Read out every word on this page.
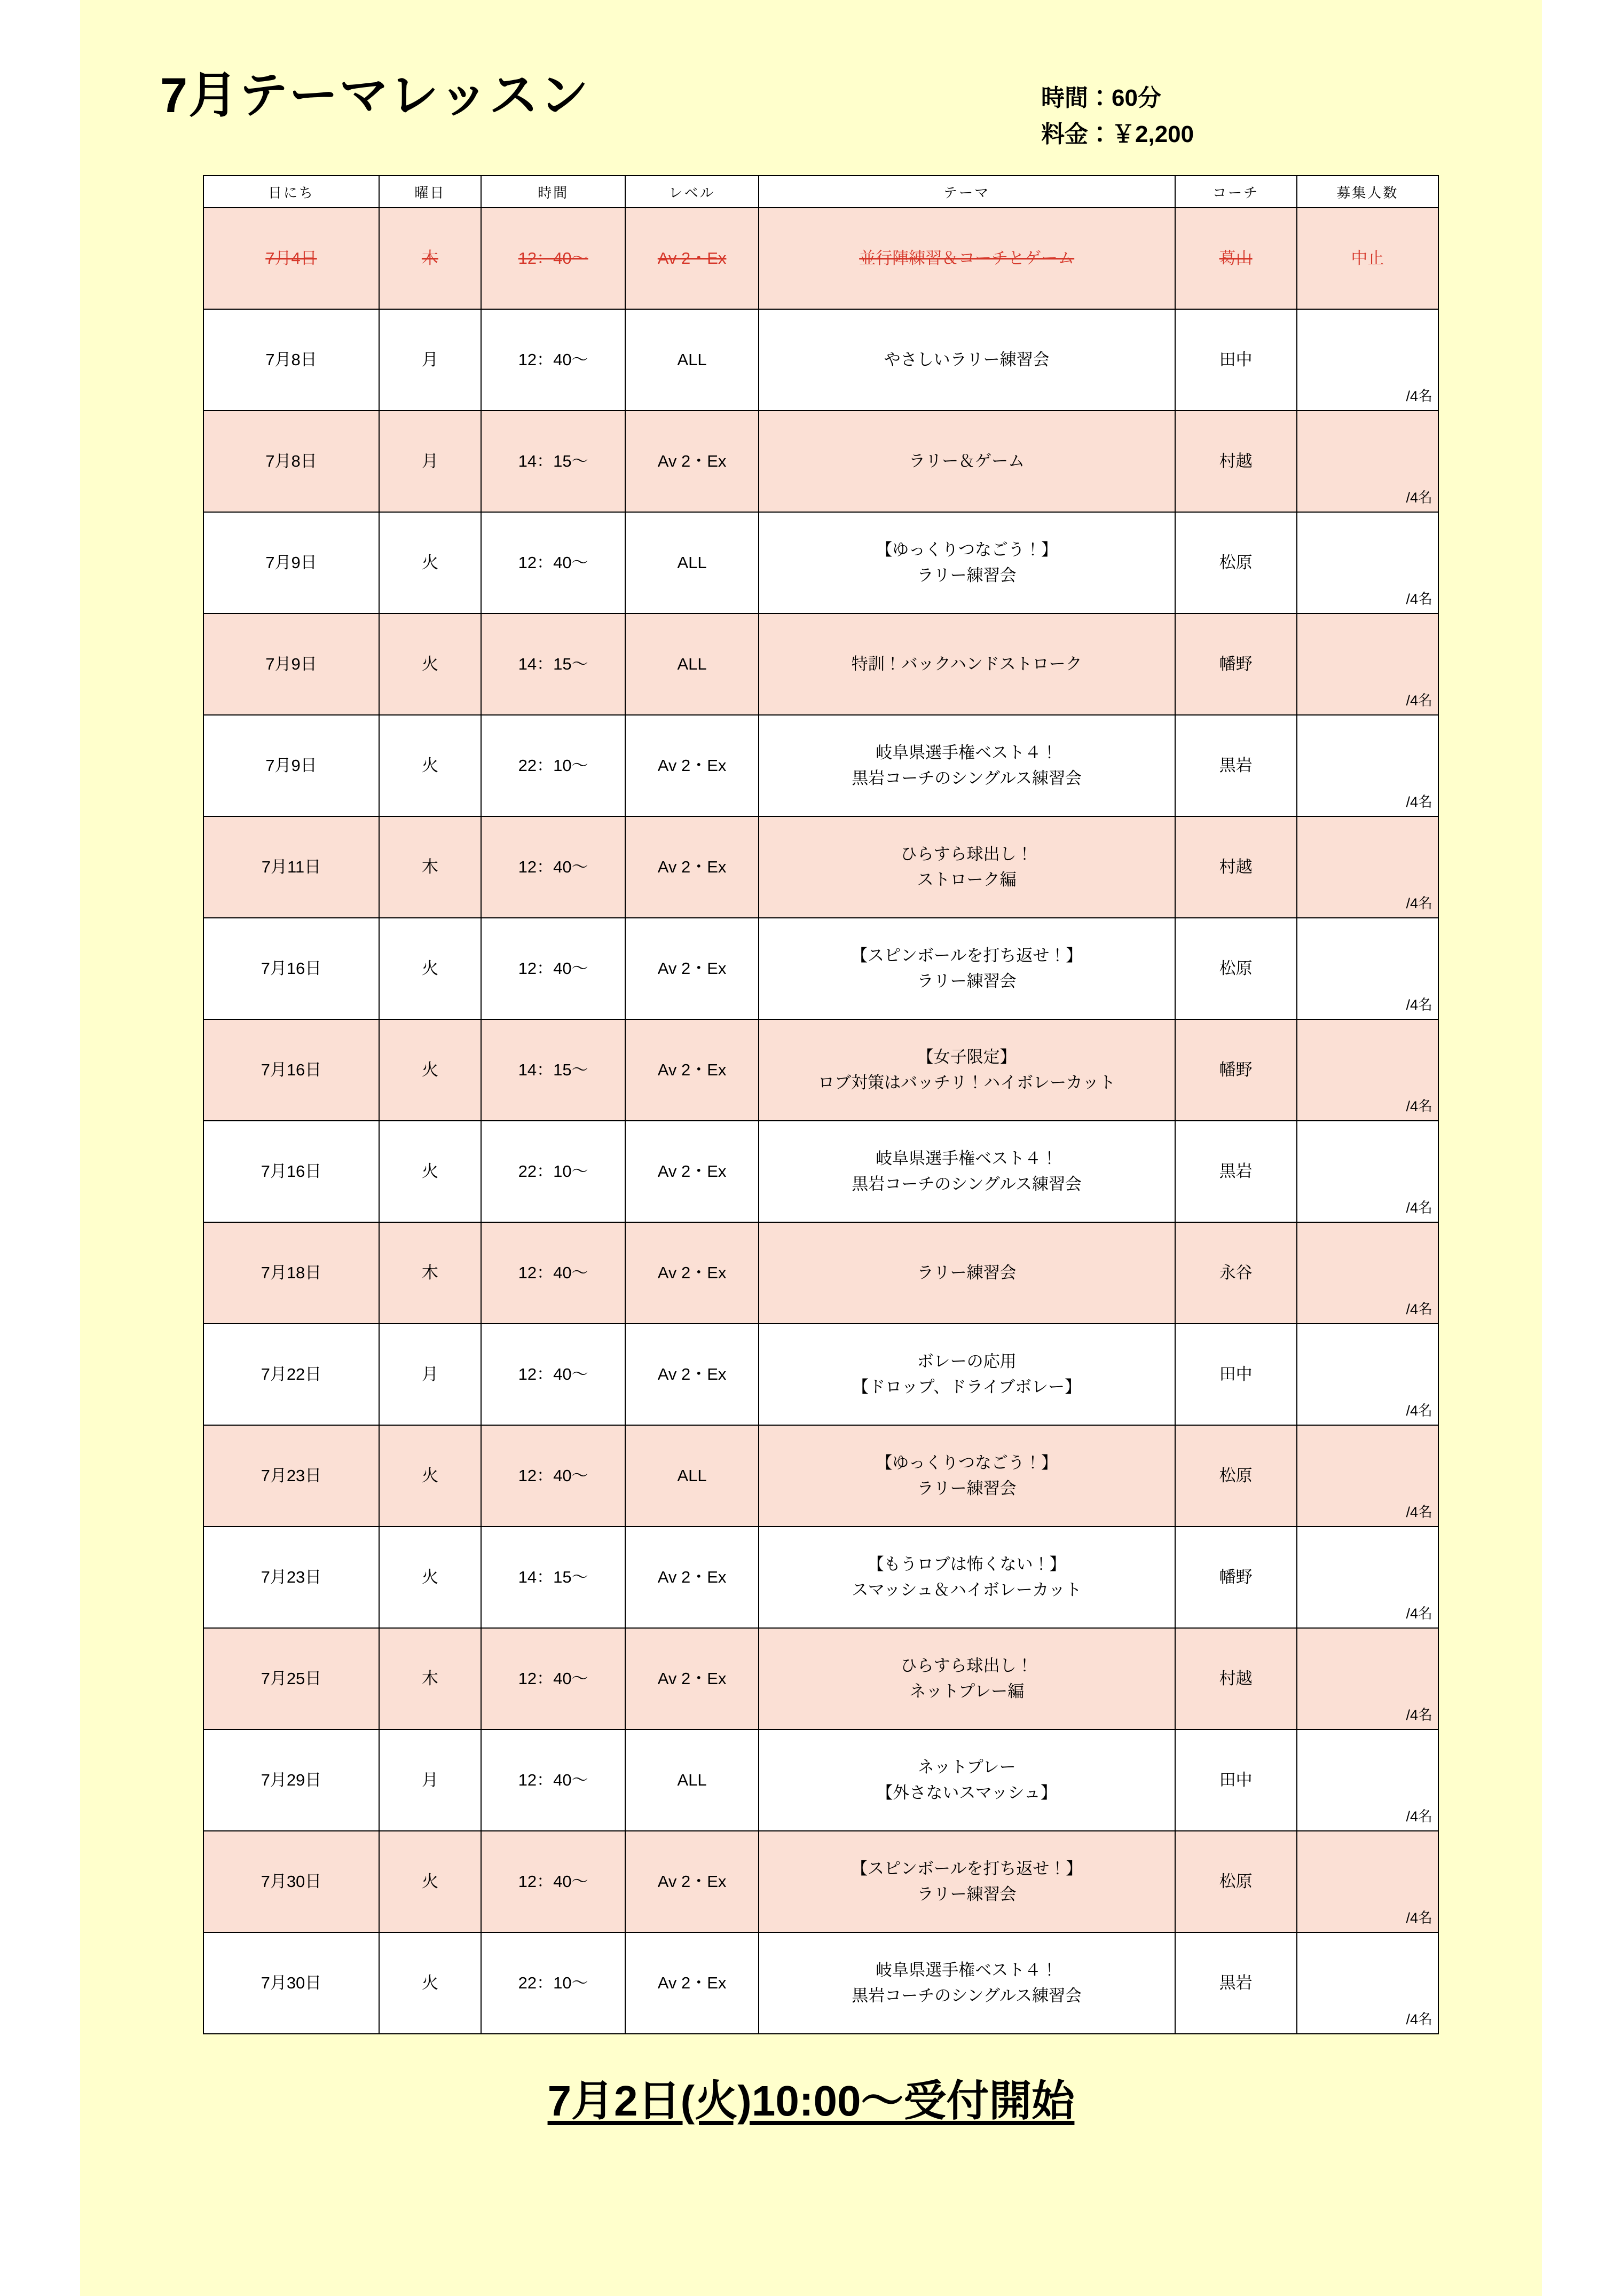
7月テーマレッスン	時間：60分
料金：￥2,200
日にち	曜日	時間	レベル	テーマ	コーチ	募集人数
7月4日	木	12：40〜	Av 2・Ex	並行陣練習＆コーチとゲーム	葛山	中止
7月8日	月	12：40〜	ALL	やさしいラリー練習会	田中	/4名

7月8日	月	14：15〜	Av 2・Ex	ラリー＆ゲーム	村越	/4名

7月9日	火	12：40〜	ALL	【ゆっくりつなごう！】
ラリー練習会	松原	/4名

7月9日	火	14：15〜	ALL	特訓！バックハンドストローク	幡野	/4名

7月9日	火	22：10〜	Av 2・Ex	岐阜県選手権ベスト４！
黒岩コーチのシングルス練習会	黒岩	/4名

7月11日	木	12：40〜	Av 2・Ex	ひらすら球出し！
ストローク編	村越	/4名

7月16日	火	12：40〜	Av 2・Ex	【スピンボールを打ち返せ！】
ラリー練習会	松原	/4名

7月16日	火	14：15〜	Av 2・Ex	【女子限定】
ロブ対策はバッチリ！ハイボレーカット	幡野	/4名

7月16日	火	22：10〜	Av 2・Ex	岐阜県選手権ベスト４！
黒岩コーチのシングルス練習会	黒岩	/4名

7月18日	木	12：40〜	Av 2・Ex	ラリー練習会	永谷	/4名

7月22日	月	12：40〜	Av 2・Ex	ボレーの応用
【ドロップ、ドライブボレー】	田中	/4名

7月23日	火	12：40〜	ALL	【ゆっくりつなごう！】
ラリー練習会	松原	/4名

7月23日	火	14：15〜	Av 2・Ex	【もうロブは怖くない！】
スマッシュ＆ハイボレーカット	幡野	/4名

7月25日	木	12：40〜	Av 2・Ex	ひらすら球出し！
ネットプレー編	村越	/4名

7月29日	月	12：40〜	ALL	ネットプレー
【外さないスマッシュ】	田中	/4名

7月30日	火	12：40〜	Av 2・Ex	【スピンボールを打ち返せ！】
ラリー練習会	松原	/4名

7月30日	火	22：10〜	Av 2・Ex	岐阜県選手権ベスト４！
黒岩コーチのシングルス練習会	黒岩	/4名
7月2日(火)10:00〜受付開始
